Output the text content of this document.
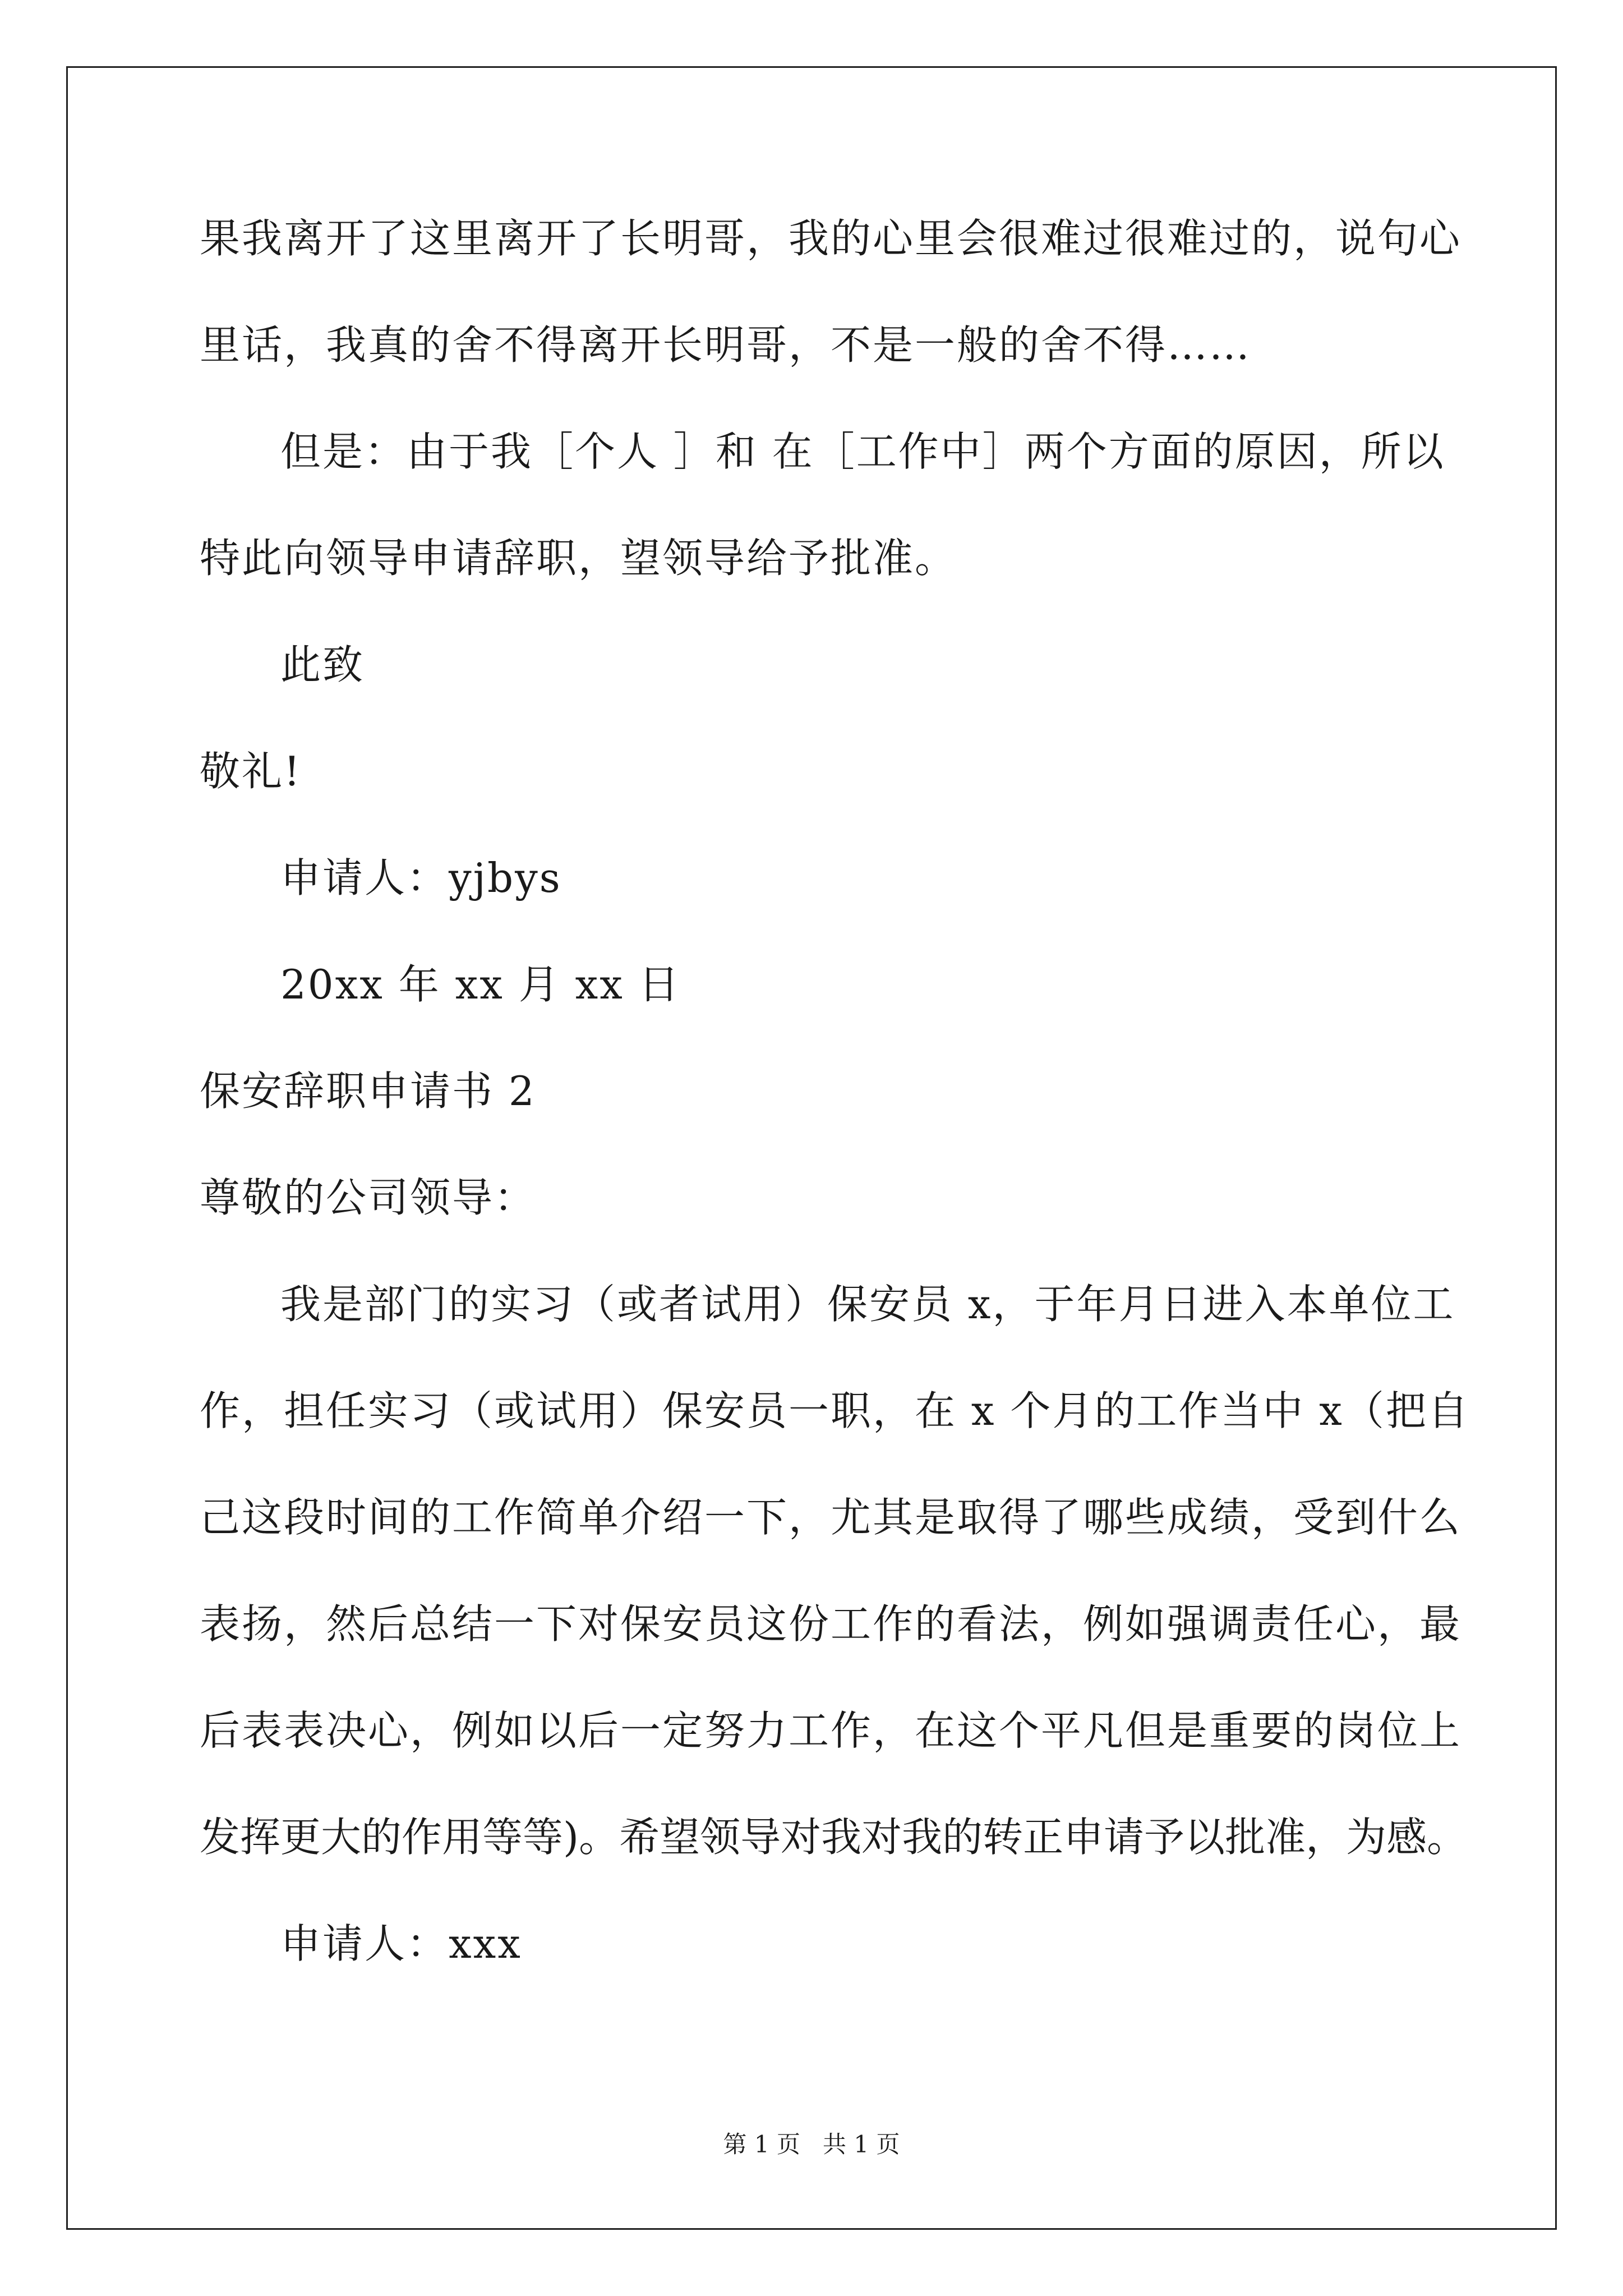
果我离开了这里离开了长明哥，我的心里会很难过很难过的，说句心
里话，我真的舍不得离开长明哥，不是一般的舍不得……
但是：由于我［个人 ］和 在［工作中］两个方面的原因，所以
特此向领导申请辞职，望领导给予批准。
此致
敬礼!
申请人：yjbys
20xx 年 xx 月 xx 日
保安辞职申请书 2
尊敬的公司领导：
我是部门的实习（或者试用）保安员 x，于年月日进入本单位工
作，担任实习（或试用）保安员一职，在 x 个月的工作当中 x（把自
己这段时间的工作简单介绍一下，尤其是取得了哪些成绩，受到什么
表扬，然后总结一下对保安员这份工作的看法，例如强调责任心，最
后表表决心，例如以后一定努力工作，在这个平凡但是重要的岗位上
发挥更大的作用等等)。希望领导对我对我的转正申请予以批准，为感。
申请人：xxx
第 1 页   共 1 页
